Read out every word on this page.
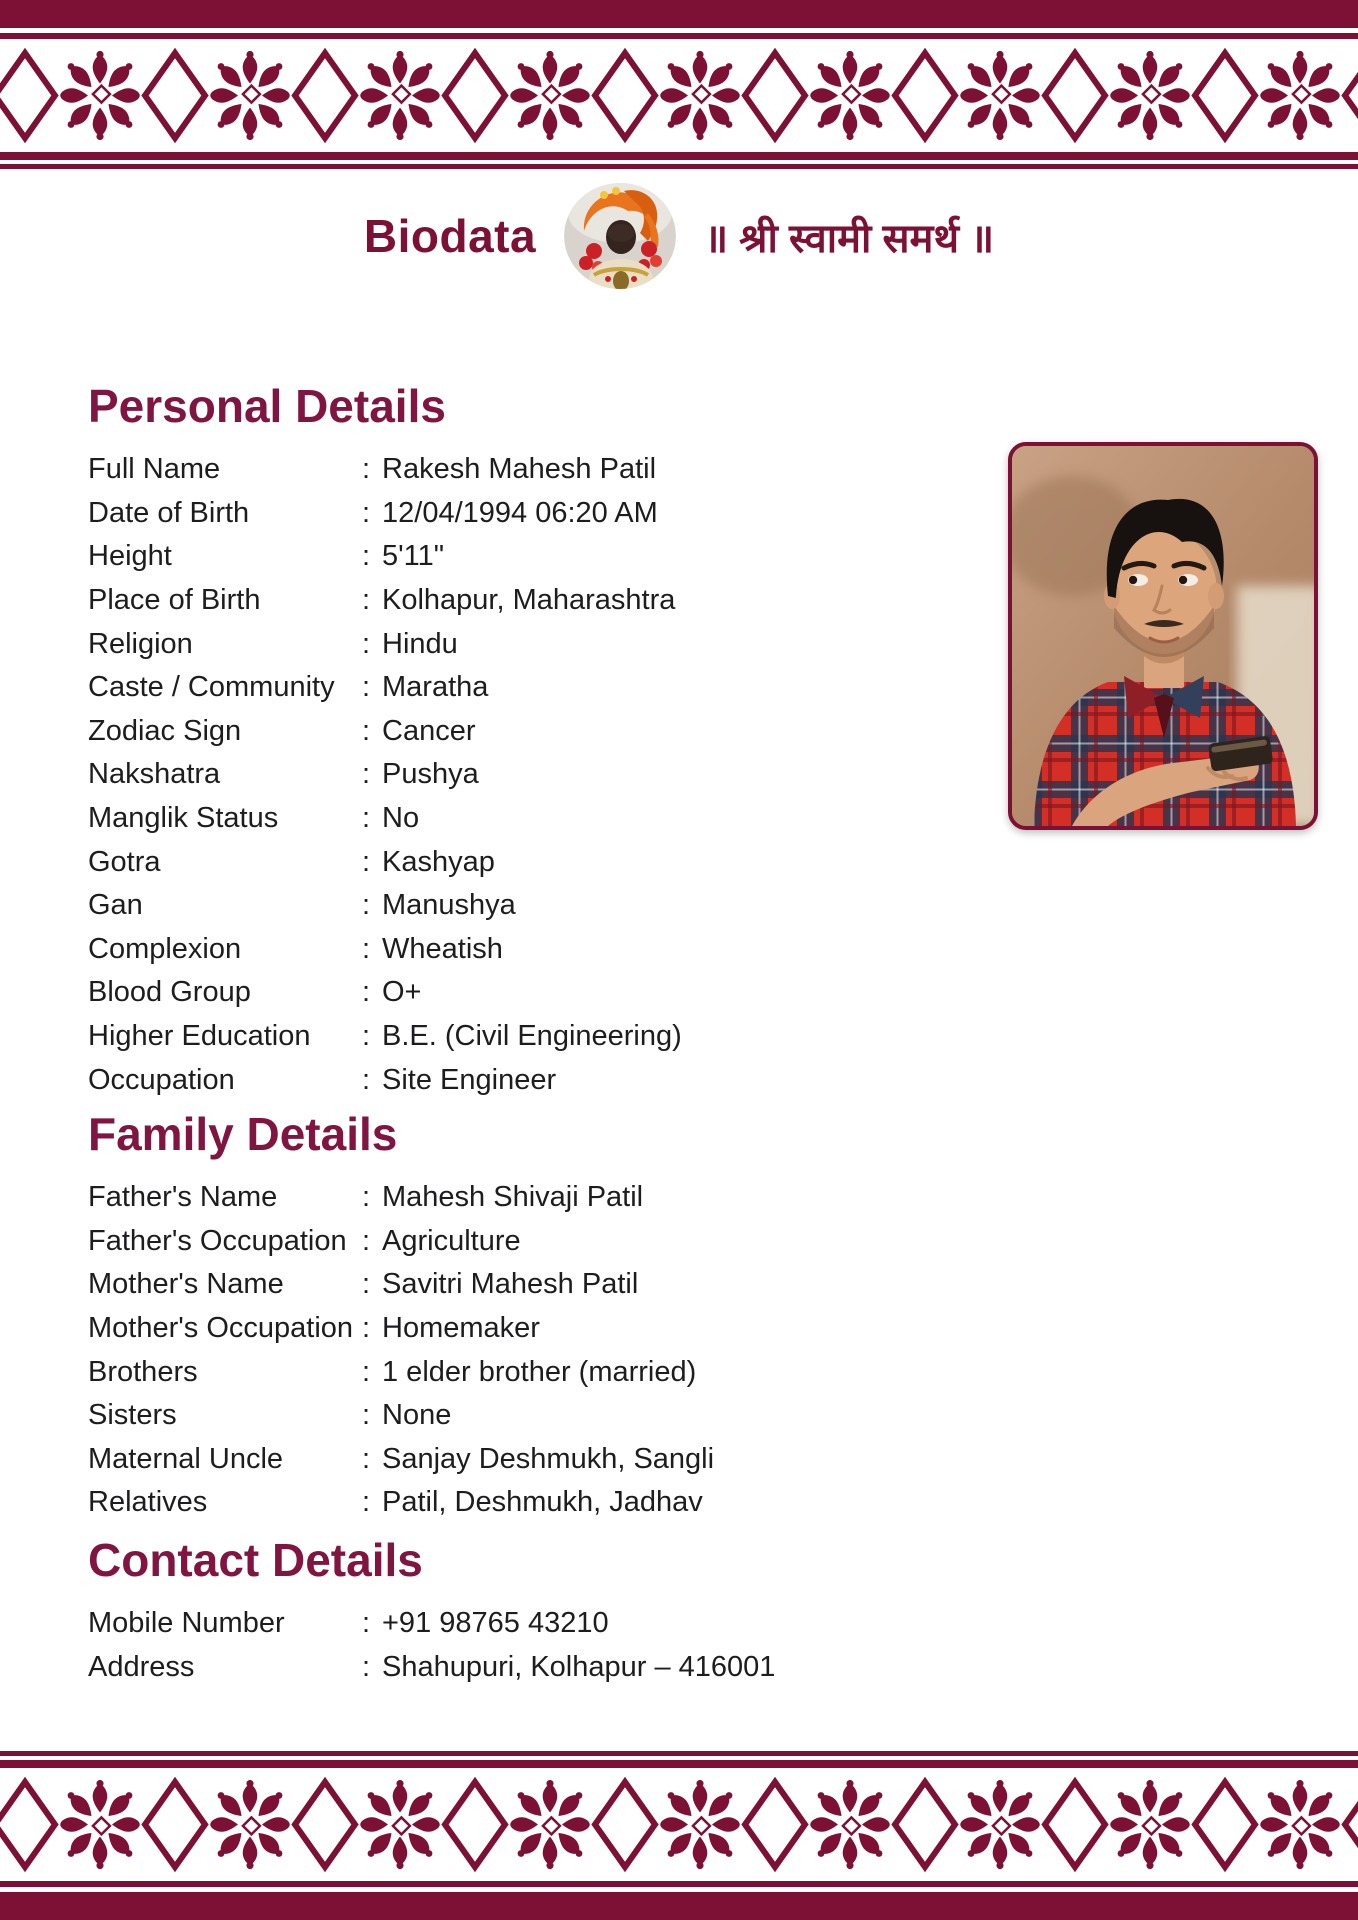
Biodata	॥ श्री स्वामी समर्थ ॥
Personal Details
Full Name	: Rakesh Mahesh Patil
Date of Birth	: 12/04/1994 06:20 AM
Height	: 5'11"
Place of Birth	: Kolhapur, Maharashtra
Religion	: Hindu
Caste / Community : Maratha
Zodiac Sign	: Cancer
Nakshatra	: Pushya
Manglik Status	: No
Gotra	: Kashyap
Gan	: Manushya
Complexion	: Wheatish
Blood Group	: O+
Higher Education	: B.E. (Civil Engineering)
Occupation	: Site Engineer
Family Details
Father's Name	: Mahesh Shivaji Patil
Father's Occupation : Agriculture
Mother's Name	: Savitri Mahesh Patil
Mother's Occupation : Homemaker
Brothers	: 1 elder brother (married)
Sisters	: None
Maternal Uncle	: Sanjay Deshmukh, Sangli
Relatives	: Patil, Deshmukh, Jadhav
Contact Details
Mobile Number	: +91 98765 43210
Address	: Shahupuri, Kolhapur – 416001
